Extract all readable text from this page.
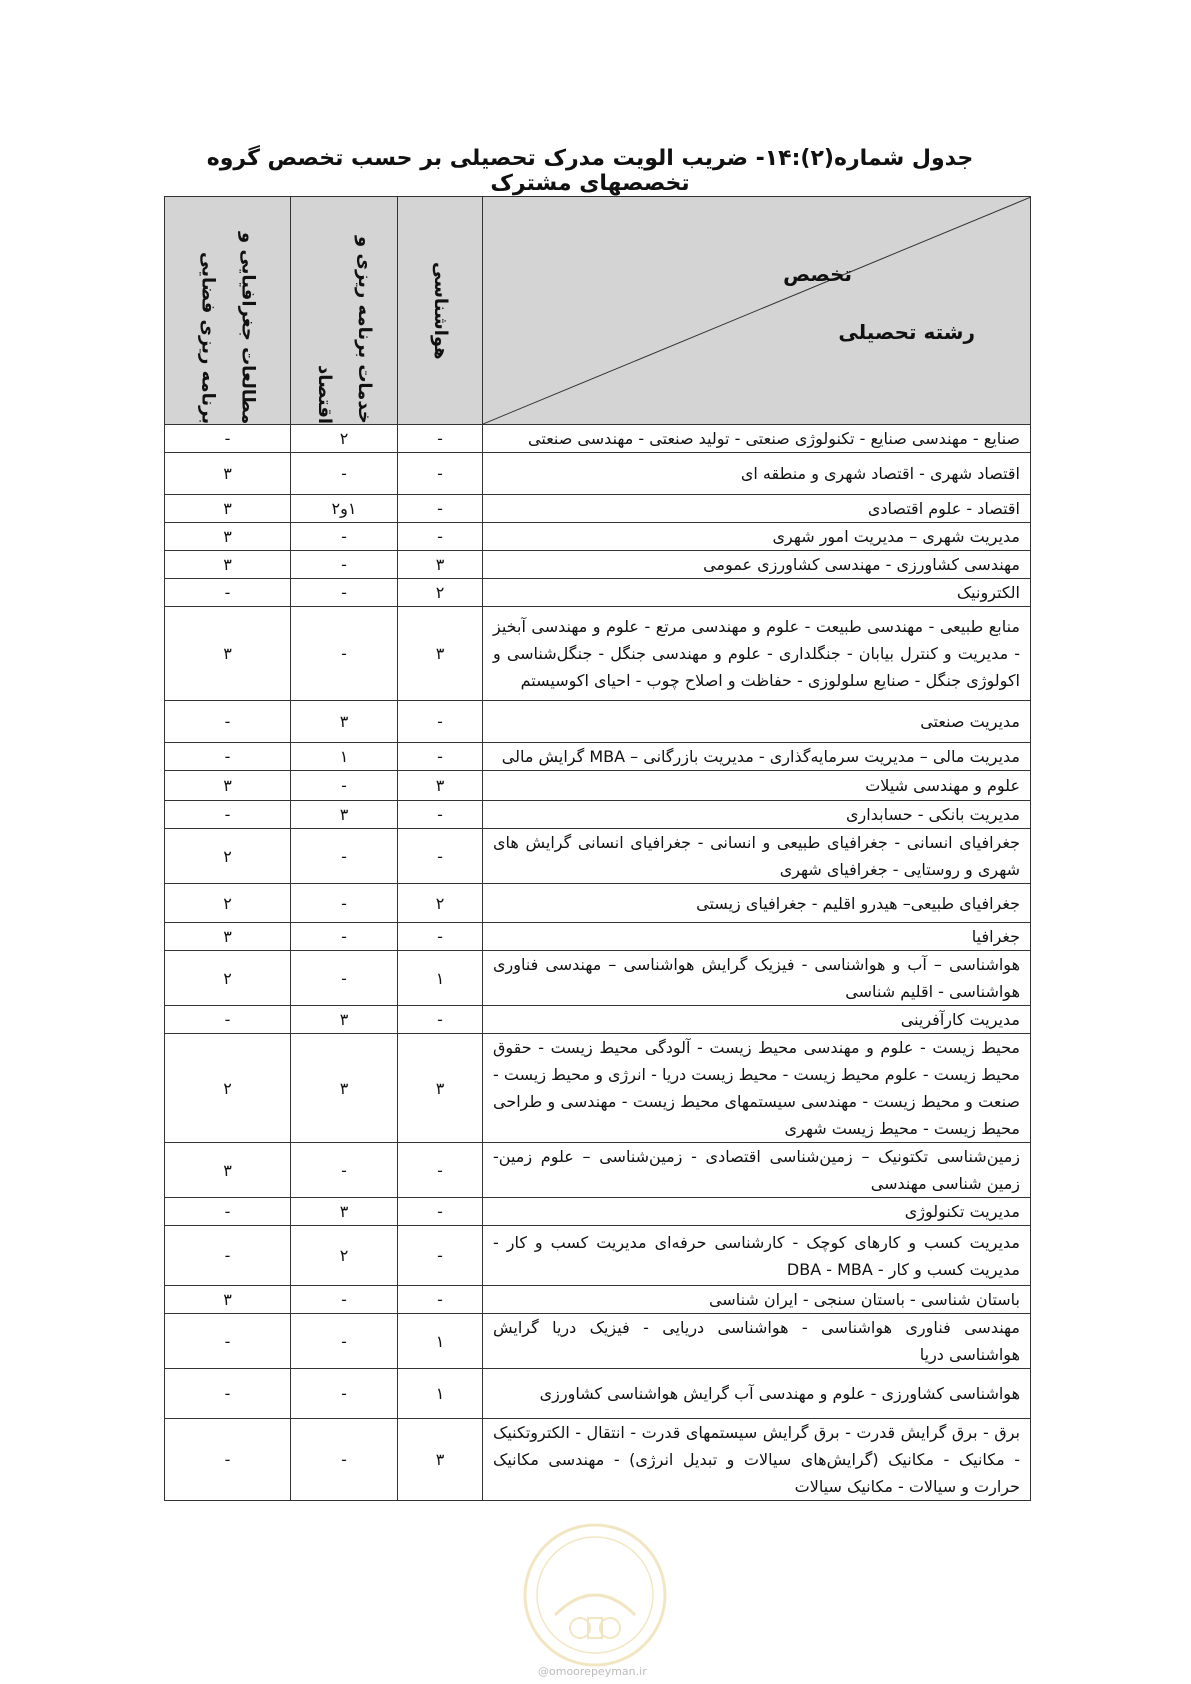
جدول شماره(۲):۱۴- ضریب الویت مدرک تحصیلی بر حسب تخصص گروه تخصصهای مشترک
تخصص
رشته تحصیلی	هواشناسی	خدمات برنامه ریزی و اقتصاد	مطالعات جغرافیایی و برنامه ریزی فضایی

صنایع - مهندسی صنایع - تکنولوژی صنعتی - تولید صنعتی - مهندسی صنعتی	-	۲	-
اقتصاد شهری - اقتصاد شهری و منطقه ای	-	-	۳
اقتصاد - علوم اقتصادی	-	۱و۲	۳
مدیریت شهری – مدیریت امور شهری	-	-	۳
مهندسی کشاورزی - مهندسی کشاورزی عمومی	۳	-	۳
الکترونیک	۲	-	-
منابع طبیعی - مهندسی طبیعت - علوم و مهندسی مرتع - علوم و مهندسی آبخیز - مدیریت و کنترل بیابان - جنگلداری - علوم و مهندسی جنگل - جنگل‌شناسی و اکولوژی جنگل - صنایع سلولوزی - حفاظت و اصلاح چوب - احیای اکوسیستم	۳	-	۳
مدیریت صنعتی	-	۳	-
مدیریت مالی – مدیریت سرمایه‌گذاری - مدیریت بازرگانی – MBA گرایش مالی	-	۱	-
علوم و مهندسی شیلات	۳	-	۳
مدیریت بانکی - حسابداری	-	۳	-
جغرافیای انسانی - جغرافیای طبیعی و انسانی - جغرافیای انسانی گرایش های شهری و روستایی - جغرافیای شهری	-	-	۲
جغرافیای طبیعی– هیدرو اقلیم - جغرافیای زیستی	۲	-	۲
جغرافیا	-	-	۳
هواشناسی – آب و هواشناسی - فیزیک گرایش هواشناسی – مهندسی فناوری هواشناسی - اقلیم شناسی	۱	-	۲
مدیریت کارآفرینی	-	۳	-
محیط زیست - علوم و مهندسی محیط زیست - آلودگی محیط زیست - حقوق محیط زیست - علوم محیط زیست - محیط زیست دریا - انرژی و محیط زیست - صنعت و محیط زیست - مهندسی سیستمهای محیط زیست - مهندسی و طراحی محیط زیست - محیط زیست شهری	۳	۳	۲
زمین‌شناسی تکتونیک – زمین‌شناسی اقتصادی - زمین‌شناسی – علوم زمین- زمین شناسی مهندسی	-	-	۳
مدیریت تکنولوژی	-	۳	-
مدیریت کسب و کارهای کوچک - کارشناسی حرفه‌ای مدیریت کسب و کار - مدیریت کسب و کار - DBA - MBA	-	۲	-
باستان شناسی - باستان سنجی - ایران شناسی	-	-	۳
مهندسی فناوری هواشناسی - هواشناسی دریایی - فیزیک دریا گرایش هواشناسی دریا	۱	-	-
هواشناسی کشاورزی - علوم و مهندسی آب گرایش هواشناسی کشاورزی	۱	-	-
برق - برق گرایش قدرت - برق گرایش سیستمهای قدرت - انتقال - الکتروتکنیک - مکانیک - مکانیک (گرایش‌های سیالات و تبدیل انرژی) - مهندسی مکانیک حرارت و سیالات - مکانیک سیالات	۳	-	-
@omoorepeyman.ir
